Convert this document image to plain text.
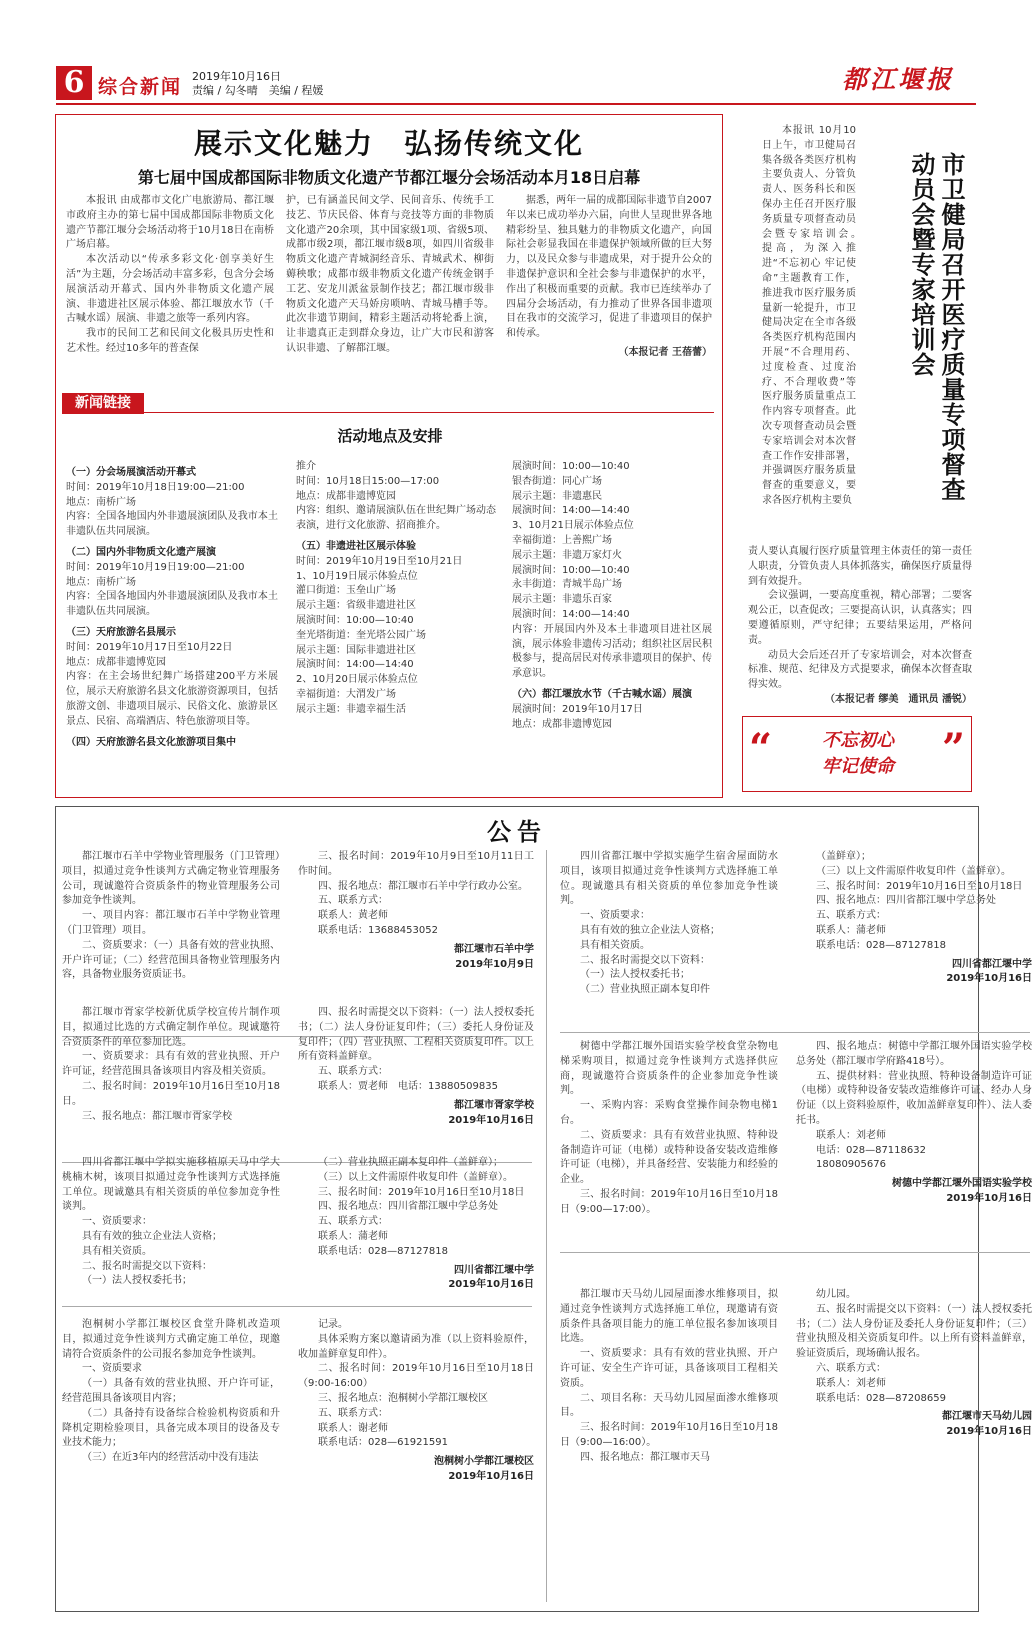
6 综合新闻 2019年10月16日
责编 / 勾冬晴　美编 / 程媛	都江堰报
展示文化魅力　弘扬传统文化
第七届中国成都国际非物质文化遗产节都江堰分会场活动本月18日启幕

本报讯 由成都市文化广电旅游局、都江堰市政府主办的第七届中国成都国际非物质文化遗产节都江堰分会场活动将于10月18日在南桥广场启幕。

本次活动以“传承多彩文化·创享美好生活”为主题，分会场活动丰富多彩，包含分会场展演活动开幕式、国内外非物质文化遗产展演、非遗进社区展示体验、都江堰放水节（千古喊水谣）展演、非遗之旅等一系列内容。

我市的民间工艺和民间文化极具历史性和艺术性。经过10多年的普查保

护，已有涵盖民间文学、民间音乐、传统手工技艺、节庆民俗、体育与竞技等方面的非物质文化遗产20余项，其中国家级1项、省级5项、成都市级2项，都江堰市级8项，如四川省级非物质文化遗产青城洞经音乐、青城武术、柳街薅秧歌；成都市级非物质文化遗产传统金钢手工艺、安龙川派盆景制作技艺；都江堰市级非物质文化遗产天马娇房唢呐、青城马槽手等。此次非遗节期间，精彩主题活动将轮番上演，让非遗真正走到群众身边，让广大市民和游客认识非遗、了解都江堰。

据悉，两年一届的成都国际非遗节自2007年以来已成功举办六届，向世人呈现世界各地精彩纷呈、独具魅力的非物质文化遗产，向国际社会彰显我国在非遗保护领域所做的巨大努力，以及民众参与非遗成果，对于提升公众的非遗保护意识和全社会参与非遗保护的水平，作出了积极而重要的贡献。我市已连续举办了四届分会场活动，有力推动了世界各国非遗项目在我市的交流学习，促进了非遗项目的保护和传承。

（本报记者 王蓓蕾）

新闻链接
活动地点及安排

（一）分会场展演活动开幕式

时间：2019年10月18日19:00—21:00

地点：南桥广场

内容：全国各地国内外非遗展演团队及我市本土非遗队伍共同展演。

（二）国内外非物质文化遗产展演

时间：2019年10月19日19:00—21:00

地点：南桥广场

内容：全国各地国内外非遗展演团队及我市本土非遗队伍共同展演。

（三）天府旅游名县展示

时间：2019年10月17日至10月22日

地点：成都非遗博览园

内容：在主会场世纪舞广场搭建200平方米展位，展示天府旅游名县文化旅游资源项目，包括旅游文创、非遗项目展示、民俗文化、旅游景区景点、民宿、高端酒店、特色旅游项目等。

（四）天府旅游名县文化旅游项目集中

推介

时间：10月18日15:00—17:00

地点：成都非遗博览园

内容：组织、邀请展演队伍在世纪舞广场动态表演，进行文化旅游、招商推介。

（五）非遗进社区展示体验

时间：2019年10月19日至10月21日

1、10月19日展示体验点位

灌口街道：玉垒山广场

展示主题：省级非遗进社区

展演时间：10:00—10:40

奎光塔街道：奎光塔公园广场

展示主题：国际非遗进社区

展演时间：14:00—14:40

2、10月20日展示体验点位

幸福街道：大渭发广场

展示主题：非遗幸福生活

展演时间：10:00—10:40

银杏街道：同心广场

展示主题：非遗惠民

展演时间：14:00—14:40

3、10月21日展示体验点位

幸福街道：上善熙广场

展示主题：非遗万家灯火

展演时间：10:00—10:40

永丰街道：青城半岛广场

展示主题：非遗乐百家

展演时间：14:00—14:40

内容：开展国内外及本土非遗项目进社区展演，展示体验非遗传习活动；组织社区居民积极参与，提高居民对传承非遗项目的保护、传承意识。

（六）都江堰放水节（千古喊水谣）展演

展演时间：2019年10月17日

地点：成都非遗博览园

市卫健局召开医疗质量专项督查动员会暨专家培训会
本报讯 10月10日上午，市卫健局召集各级各类医疗机构主要负责人、分管负责人、医务科长和医保办主任召开医疗服务质量专项督查动员会暨专家培训会。　提高，为深入推进“不忘初心 牢记使命”主题教育工作，推进我市医疗服务质量新一轮提升，市卫健局决定在全市各级各类医疗机构范围内开展“不合理用药、过度检查、过度治疗、不合理收费”等医疗服务质量重点工作内容专项督查。此次专项督查动员会暨专家培训会对本次督查工作作安排部署，并强调医疗服务质量督查的重要意义，要求各医疗机构主要负

责人要认真履行医疗质量管理主体责任的第一责任人职责，分管负责人具体抓落实，确保医疗质量得到有效提升。

会议强调，一要高度重视，精心部署；二要客观公正，以查促改；三要提高认识，认真落实；四要遵循原则，严守纪律；五要结果运用，严格问责。

动员大会后还召开了专家培训会，对本次督查标准、规范、纪律及方式提要求，确保本次督查取得实效。

（本报记者 缪美　通讯员 潘锐）

“	不忘初心
牢记使命	”
公告

都江堰市石羊中学物业管理服务（门卫管理）项目，拟通过竞争性谈判方式确定物业管理服务公司，现诚邀符合资质条件的物业管理服务公司参加竞争性谈判。

一、项目内容：都江堰市石羊中学物业管理（门卫管理）项目。

二、资质要求：（一）具备有效的营业执照、开户许可证；（二）经营范围具备物业管理服务内容，具备物业服务资质证书。

三、报名时间：2019年10月9日至10月11日工作时间。

四、报名地点：都江堰市石羊中学行政办公室。

五、联系方式：

联系人：黄老师

联系电话：13688453052

都江堰市石羊中学
2019年10月9日

都江堰市胥家学校新优质学校宣传片制作项目，拟通过比选的方式确定制作单位。现诚邀符合资质条件的单位参加比选。

一、资质要求：具有有效的营业执照、开户许可证，经营范围具备该项目内容及相关资质。

二、报名时间：2019年10月16日至10月18日。

三、报名地点：都江堰市胥家学校

四、报名时需提交以下资料：（一）法人授权委托书；（二）法人身份证复印件；（三）委托人身份证及复印件；（四）营业执照、工程相关资质复印件。以上所有资料盖鲜章。

五、联系方式：

联系人：贾老师　电话：13880509835

都江堰市胥家学校
2019年10月16日

四川省都江堰中学拟实施移植原天马中学大桃楠木树，该项目拟通过竞争性谈判方式选择施工单位。现诚邀具有相关资质的单位参加竞争性谈判。

一、资质要求：

具有有效的独立企业法人资格；

具有相关资质。

二、报名时需提交以下资料：

（一）法人授权委托书；

（二）营业执照正副本复印件（盖鲜章）；

（三）以上文件需原件收复印件（盖鲜章）。

三、报名时间：2019年10月16日至10月18日

四、报名地点：四川省都江堰中学总务处

五、联系方式：

联系人：蒲老师

联系电话：028—87127818

四川省都江堰中学
2019年10月16日

泡桐树小学都江堰校区食堂升降机改造项目，拟通过竞争性谈判方式确定施工单位，现邀请符合资质条件的公司报名参加竞争性谈判。

一、资质要求

（一）具备有效的营业执照、开户许可证，经营范围具备该项目内容；

（二）具备持有设备综合检验机构资质和升降机定期检验项目，具备完成本项目的设备及专业技术能力；

（三）在近3年内的经营活动中没有违法

记录。

具体采购方案以邀请函为准（以上资料验原件，收加盖鲜章复印件）。

二、报名时间：2019年10月16日至10月18日（9:00-16:00）

三、报名地点：泡桐树小学都江堰校区

五、联系方式：

联系人：谢老师

联系电话：028—61921591

泡桐树小学都江堰校区
2019年10月16日

四川省都江堰中学拟实施学生宿舍屋面防水项目，该项目拟通过竞争性谈判方式选择施工单位。现诚邀具有相关资质的单位参加竞争性谈判。

一、资质要求：

具有有效的独立企业法人资格；

具有相关资质。

二、报名时需提交以下资料：

（一）法人授权委托书；

（二）营业执照正副本复印件

（盖鲜章）；

（三）以上文件需原件收复印件（盖鲜章）。

三、报名时间：2019年10月16日至10月18日

四、报名地点：四川省都江堰中学总务处

五、联系方式：

联系人：蒲老师

联系电话：028—87127818

四川省都江堰中学
2019年10月16日

树德中学都江堰外国语实验学校食堂杂物电梯采购项目，拟通过竞争性谈判方式选择供应商，现诚邀符合资质条件的企业参加竞争性谈判。

一、采购内容：采购食堂操作间杂物电梯1台。

二、资质要求：具有有效营业执照、特种设备制造许可证（电梯）或特种设备安装改造维修许可证（电梯），并具备经营、安装能力和经验的企业。

三、报名时间：2019年10月16日至10月18日（9:00—17:00）。

四、报名地点：树德中学都江堰外国语实验学校总务处（都江堰市学府路418号）。

五、提供材料：营业执照、特种设备制造许可证（电梯）或特种设备安装改造维修许可证、经办人身份证（以上资料验原件，收加盖鲜章复印件）、法人委托书。

联系人：刘老师

电话：028—87118632

18080905676

树德中学都江堰外国语实验学校
2019年10月16日

都江堰市天马幼儿园屋面渗水维修项目，拟通过竞争性谈判方式选择施工单位，现邀请有资质条件具备项目能力的施工单位报名参加该项目比选。

一、资质要求：具有有效的营业执照、开户许可证、安全生产许可证，具备该项目工程相关资质。

二、项目名称：天马幼儿园屋面渗水维修项目。

三、报名时间：2019年10月16日至10月18日（9:00—16:00）。

四、报名地点：都江堰市天马

幼儿园。

五、报名时需提交以下资料：（一）法人授权委托书；（二）法人身份证及委托人身份证复印件；（三）营业执照及相关资质复印件。以上所有资料盖鲜章，验证资质后，现场确认报名。

六、联系方式：

联系人：刘老师

联系电话：028—87208659

都江堰市天马幼儿园
2019年10月16日
